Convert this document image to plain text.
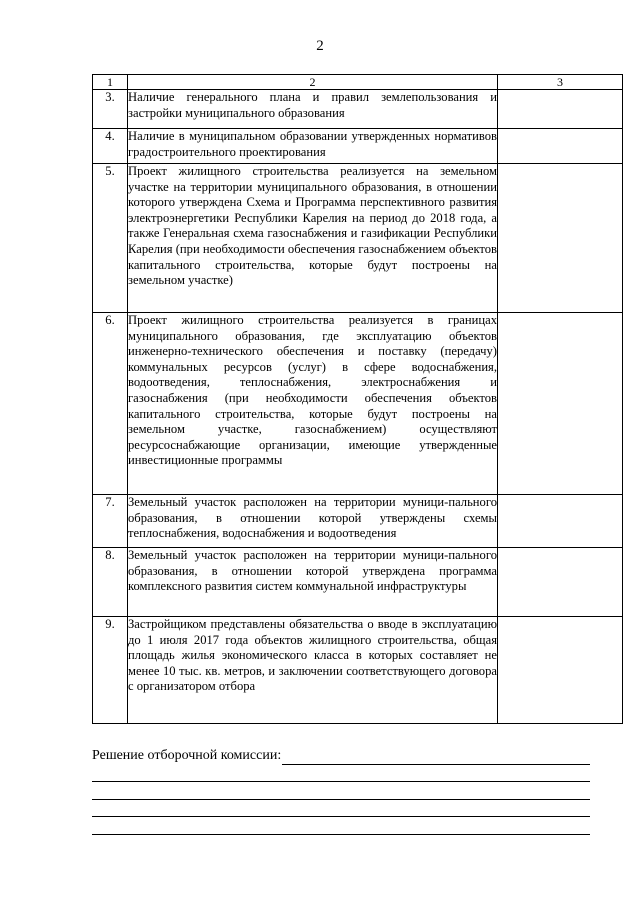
2
1	2	3
3.	Наличие генерального плана и правил землепользования и застройки муниципального образования	
4.	Наличие в муниципальном образовании утвержденных нормативов градостроительного проектирования	
5.	Проект жилищного строительства реализуется на земельном участке на территории муниципального образования, в отношении которого утверждена Схема и Программа перспективного развития электроэнергетики Республики Карелия на период до 2018 года, а также Генеральная схема газоснабжения и газификации Республики Карелия (при необходимости обеспечения газоснабжением объектов капитального строительства, которые будут построены на земельном участке)	
6.	Проект жилищного строительства реализуется в границах муниципального образования, где эксплуатацию объектов инженерно-технического обеспечения и поставку (передачу) коммунальных ресурсов (услуг) в сфере водоснабжения, водоотведения, теплоснабжения, электроснабжения и газоснабжения (при необходимости обеспечения объектов капитального строительства, которые будут построены на земельном участке, газоснабжением) осуществляют ресурсоснабжающие организации, имеющие утвержденные инвестиционные программы	
7.	Земельный участок расположен на территории муници-пального образования, в отношении которой утверждены схемы теплоснабжения, водоснабжения и водоотведения	
8.	Земельный участок расположен на территории муници-пального образования, в отношении которой утверждена программа комплексного развития систем коммунальной инфраструктуры	
9.	Застройщиком представлены обязательства о вводе в эксплуатацию до 1 июля 2017 года объектов жилищного строительства, общая площадь жилья экономического класса в которых составляет не менее 10 тыс. кв. метров, и заключении соответствующего договора с организатором отбора	
Решение отборочной комиссии:
